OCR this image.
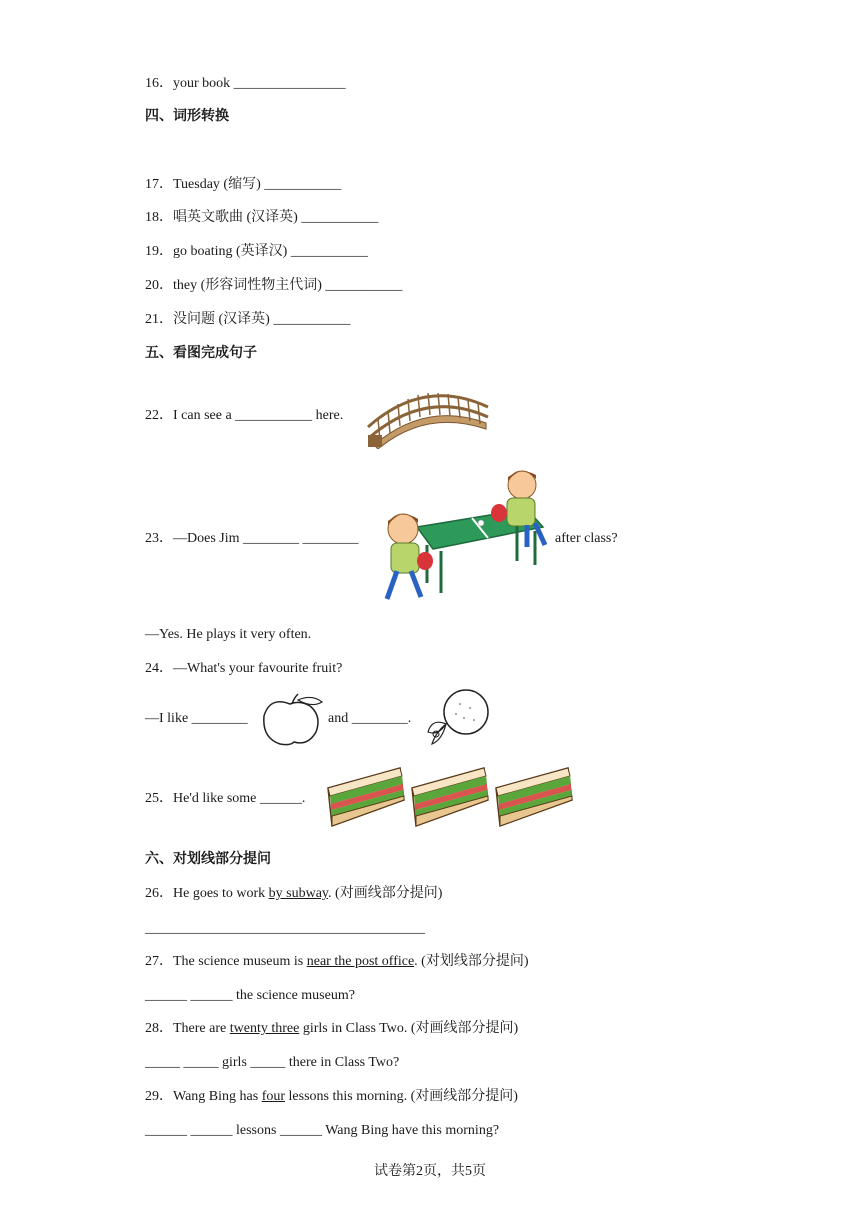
16．your book ________________
四、词形转换
17．Tuesday (缩写) ___________
18．唱英文歌曲 (汉译英) ___________
19．go boating (英译汉) ___________
20．they (形容词性物主代词) ___________
21．没问题 (汉译英) ___________
五、看图完成句子
22．I can see a ___________ here.
23．—Does Jim ________ ________	after class?
—Yes. He plays it very often.
24．—What's your favourite fruit?
—I like ________	and ________.
25．He'd like some ______.
六、对划线部分提问
26．He goes to work by subway. (对画线部分提问)
________________________________________
27．The science museum is near the post office. (对划线部分提问)
______ ______ the science museum?
28．There are twenty three girls in Class Two. (对画线部分提问)
_____ _____ girls _____ there in Class Two?
29．Wang Bing has four lessons this morning. (对画线部分提问)
______ ______ lessons ______ Wang Bing have this morning?
试卷第2页，共5页
